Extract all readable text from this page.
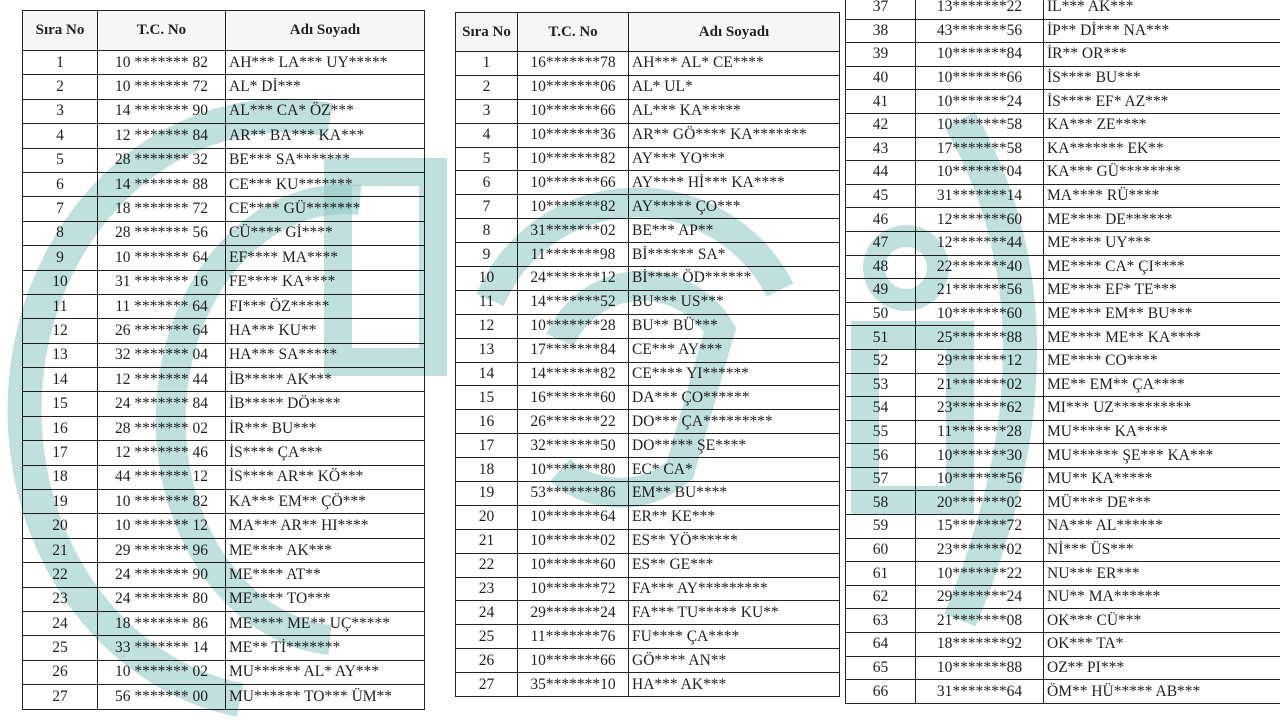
Sıra No	T.C. No	Adı Soyadı
1	10 ******* 82	AH*** LA*** UY*****
2	10 ******* 72	AL* Dİ***
3	14 ******* 90	AL*** CA* ÖZ***
4	12 ******* 84	AR** BA*** KA***
5	28 ******* 32	BE*** SA*******
6	14 ******* 88	CE*** KU*******
7	18 ******* 72	CE**** GÜ*******
8	28 ******* 56	CÜ**** Gİ****
9	10 ******* 64	EF**** MA****
10	31 ******* 16	FE**** KA****
11	11 ******* 64	FI*** ÖZ*****
12	26 ******* 64	HA*** KU**
13	32 ******* 04	HA*** SA*****
14	12 ******* 44	İB***** AK***
15	24 ******* 84	İB***** DÖ****
16	28 ******* 02	İR*** BU***
17	12 ******* 46	İS**** ÇA***
18	44 ******* 12	İS**** AR** KÖ***
19	10 ******* 82	KA*** EM** ÇÖ***
20	10 ******* 12	MA*** AR** HI****
21	29 ******* 96	ME**** AK***
22	24 ******* 90	ME**** AT**
23	24 ******* 80	ME**** TO***
24	18 ******* 86	ME**** ME** UÇ*****
25	33 ******* 14	ME** Tİ*******
26	10 ******* 02	MU****** AL* AY***
27	56 ******* 00	MU****** TO*** ÜM**
Sıra No	T.C. No	Adı Soyadı
1	16*******78	AH*** AL* CE****
2	10*******06	AL* UL*
3	10*******66	AL*** KA*****
4	10*******36	AR** GÖ**** KA*******
5	10*******82	AY*** YO***
6	10*******66	AY**** Hİ*** KA****
7	10*******82	AY***** ÇO***
8	31*******02	BE*** AP**
9	11*******98	Bİ****** SA*
10	24*******12	Bİ**** ÖD******
11	14*******52	BU*** US***
12	10*******28	BU** BÜ***
13	17*******84	CE*** AY***
14	14*******82	CE**** YI******
15	16*******60	DA*** ÇO******
16	26*******22	DO*** ÇA*********
17	32*******50	DO***** ŞE****
18	10*******80	EC* CA*
19	53*******86	EM** BU****
20	10*******64	ER** KE***
21	10*******02	ES** YÖ******
22	10*******60	ES** GE***
23	10*******72	FA*** AY*********
24	29*******24	FA*** TU***** KU**
25	11*******76	FU**** ÇA****
26	10*******66	GÖ**** AN**
27	35*******10	HA*** AK***
37	13*******22	İL*** AK***
38	43*******56	İP** Dİ*** NA***
39	10*******84	İR** OR***
40	10*******66	İS**** BU***
41	10*******24	İS**** EF* AZ***
42	10*******58	KA*** ZE****
43	17*******58	KA******* EK**
44	10*******04	KA*** GÜ********
45	31*******14	MA**** RÜ****
46	12*******60	ME**** DE******
47	12*******44	ME**** UY***
48	22*******40	ME**** CA* ÇI****
49	21*******56	ME**** EF* TE***
50	10*******60	ME**** EM** BU***
51	25*******88	ME**** ME** KA****
52	29*******12	ME**** CO****
53	21*******02	ME** EM** ÇA****
54	23*******62	MI*** UZ**********
55	11*******28	MU***** KA****
56	10*******30	MU****** ŞE*** KA***
57	10*******56	MU** KA*****
58	20*******02	MÜ**** DE***
59	15*******72	NA*** AL******
60	23*******02	Nİ*** ÜS***
61	10*******22	NU*** ER***
62	29*******24	NU** MA******
63	21*******08	OK*** CÜ***
64	18*******92	OK*** TA*
65	10*******88	OZ** PI***
66	31*******64	ÖM** HÜ***** AB***
